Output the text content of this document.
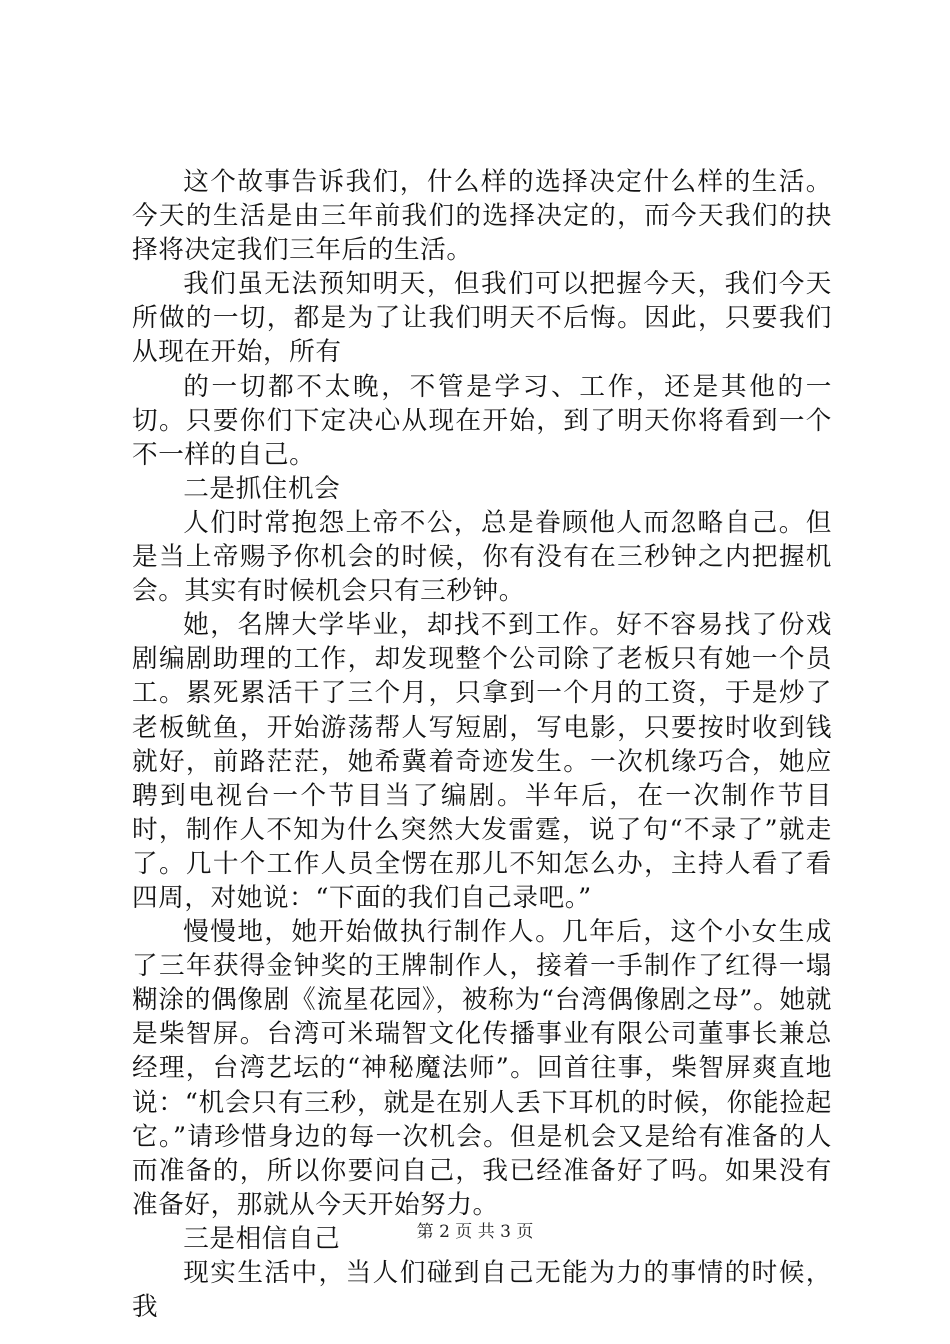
这个故事告诉我们，什么样的选择决定什么样的生活。今天的生活是由三年前我们的选择决定的，而今天我们的抉择将决定我们三年后的生活。

我们虽无法预知明天，但我们可以把握今天，我们今天所做的一切，都是为了让我们明天不后悔。因此，只要我们从现在开始，所有

的一切都不太晚，不管是学习、工作，还是其他的一切。只要你们下定决心从现在开始，到了明天你将看到一个不一样的自己。

二是抓住机会

人们时常抱怨上帝不公，总是眷顾他人而忽略自己。但是当上帝赐予你机会的时候，你有没有在三秒钟之内把握机会。其实有时候机会只有三秒钟。

她，名牌大学毕业，却找不到工作。好不容易找了份戏剧编剧助理的工作，却发现整个公司除了老板只有她一个员工。累死累活干了三个月，只拿到一个月的工资，于是炒了老板鱿鱼，开始游荡帮人写短剧，写电影，只要按时收到钱就好，前路茫茫，她希冀着奇迹发生。一次机缘巧合，她应聘到电视台一个节目当了编剧。半年后，在一次制作节目时，制作人不知为什么突然大发雷霆，说了句“不录了”就走了。几十个工作人员全愣在那儿不知怎么办，主持人看了看四周，对她说：“下面的我们自己录吧。”

慢慢地，她开始做执行制作人。几年后，这个小女生成了三年获得金钟奖的王牌制作人，接着一手制作了红得一塌糊涂的偶像剧《流星花园》，被称为“台湾偶像剧之母”。她就是柴智屏。台湾可米瑞智文化传播事业有限公司董事长兼总经理，台湾艺坛的“神秘魔法师”。回首往事，柴智屏爽直地说：“机会只有三秒，就是在别人丢下耳机的时候，你能捡起它。”请珍惜身边的每一次机会。但是机会又是给有准备的人而准备的，所以你要问自己，我已经准备好了吗。如果没有准备好，那就从今天开始努力。

三是相信自己

现实生活中，当人们碰到自己无能为力的事情的时候，我

第 2 页 共 3 页
